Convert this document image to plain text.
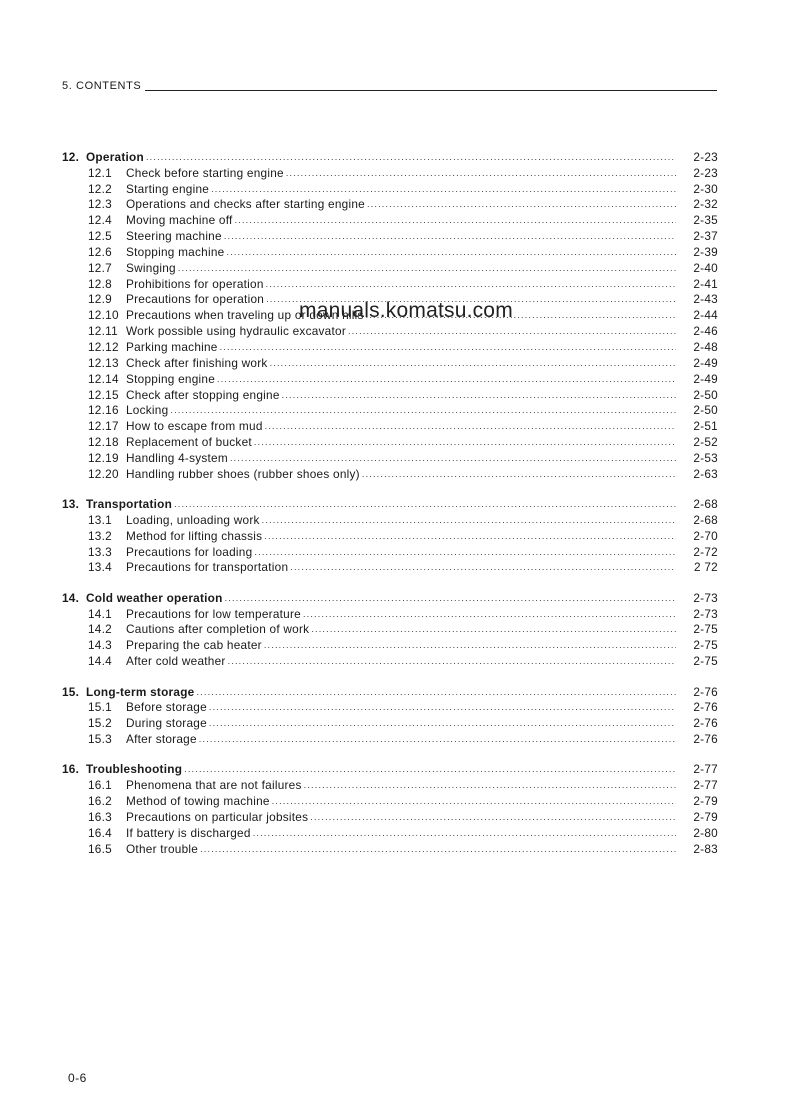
5. CONTENTS
12. Operation .....	2-23
12.1	Check before starting engine .....	2-23
12.2	Starting engine .....	2-30
12.3	Operations and checks after starting engine .....	2-32
12.4	Moving machine off .....	2-35
12.5	Steering machine .....	2-37
12.6	Stopping machine .....	2-39
12.7	Swinging .....	2-40
12.8	Prohibitions for operation .....	2-41
12.9	Precautions for operation .....	2-43
12.10 Precautions when traveling up or down hills .....	2-44
12.11 Work possible using hydraulic excavator .....	2-46
12.12 Parking machine .....	2-48
12.13 Check after finishing work .....	2-49
12.14 Stopping engine .....	2-49
12.15 Check after stopping engine .....	2-50
12.16 Locking .....	2-50
12.17 How to escape from mud .....	2-51
12.18 Replacement of bucket .....	2-52
12.19 Handling 4-system .....	2-53
12.20 Handling rubber shoes (rubber shoes only) .....	2-63
13. Transportation .....	2-68
13.1	Loading, unloading work .....	2-68
13.2	Method for lifting chassis .....	2-70
13.3	Precautions for loading .....	2-72
13.4	Precautions for transportation .....	2 72
14. Cold weather operation .....	2-73
14.1	Precautions for low temperature .....	2-73
14.2	Cautions after completion of work .....	2-75
14.3	Preparing the cab heater .....	2-75
14.4	After cold weather .....	2-75
15. Long-term storage .....	2-76
15.1	Before storage .....	2-76
15.2	During storage .....	2-76
15.3	After storage .....	2-76
16. Troubleshooting .....	2-77
16.1	Phenomena that are not failures .....	2-77
16.2	Method of towing machine .....	2-79
16.3	Precautions on particular jobsites .....	2-79
16.4	If battery is discharged .....	2-80
16.5	Other trouble .....	2-83
manuals.komatsu.com
0-6
